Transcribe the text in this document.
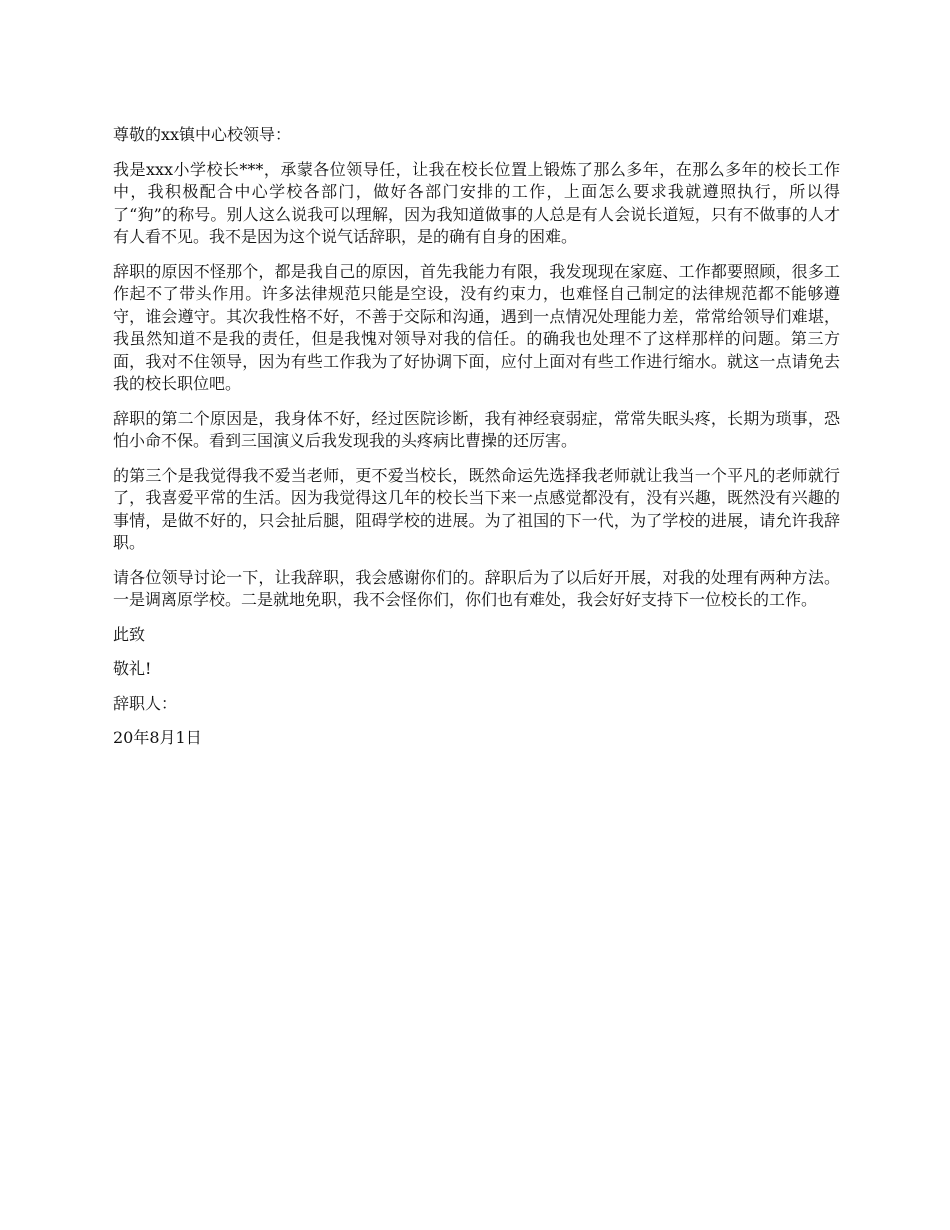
尊敬的xx镇中心校领导：

我是xxx小学校长***，承蒙各位领导任，让我在校长位置上锻炼了那么多年，在那么多年的校长工作中，我积极配合中心学校各部门，做好各部门安排的工作，上面怎么要求我就遵照执行，所以得了“狗”的称号。别人这么说我可以理解，因为我知道做事的人总是有人会说长道短，只有不做事的人才有人看不见。我不是因为这个说气话辞职，是的确有自身的困难。

辞职的原因不怪那个，都是我自己的原因，首先我能力有限，我发现现在家庭、工作都要照顾，很多工作起不了带头作用。许多法律规范只能是空设，没有约束力，也难怪自己制定的法律规范都不能够遵守，谁会遵守。其次我性格不好，不善于交际和沟通，遇到一点情况处理能力差，常常给领导们难堪，我虽然知道不是我的责任，但是我愧对领导对我的信任。的确我也处理不了这样那样的问题。第三方面，我对不住领导，因为有些工作我为了好协调下面，应付上面对有些工作进行缩水。就这一点请免去我的校长职位吧。

辞职的第二个原因是，我身体不好，经过医院诊断，我有神经衰弱症，常常失眠头疼，长期为琐事，恐怕小命不保。看到三国演义后我发现我的头疼病比曹操的还厉害。

的第三个是我觉得我不爱当老师，更不爱当校长，既然命运先选择我老师就让我当一个平凡的老师就行了，我喜爱平常的生活。因为我觉得这几年的校长当下来一点感觉都没有，没有兴趣，既然没有兴趣的事情，是做不好的，只会扯后腿，阻碍学校的进展。为了祖国的下一代，为了学校的进展，请允许我辞职。

请各位领导讨论一下，让我辞职，我会感谢你们的。辞职后为了以后好开展，对我的处理有两种方法。一是调离原学校。二是就地免职，我不会怪你们，你们也有难处，我会好好支持下一位校长的工作。

此致

敬礼!

辞职人：

20年8月1日
